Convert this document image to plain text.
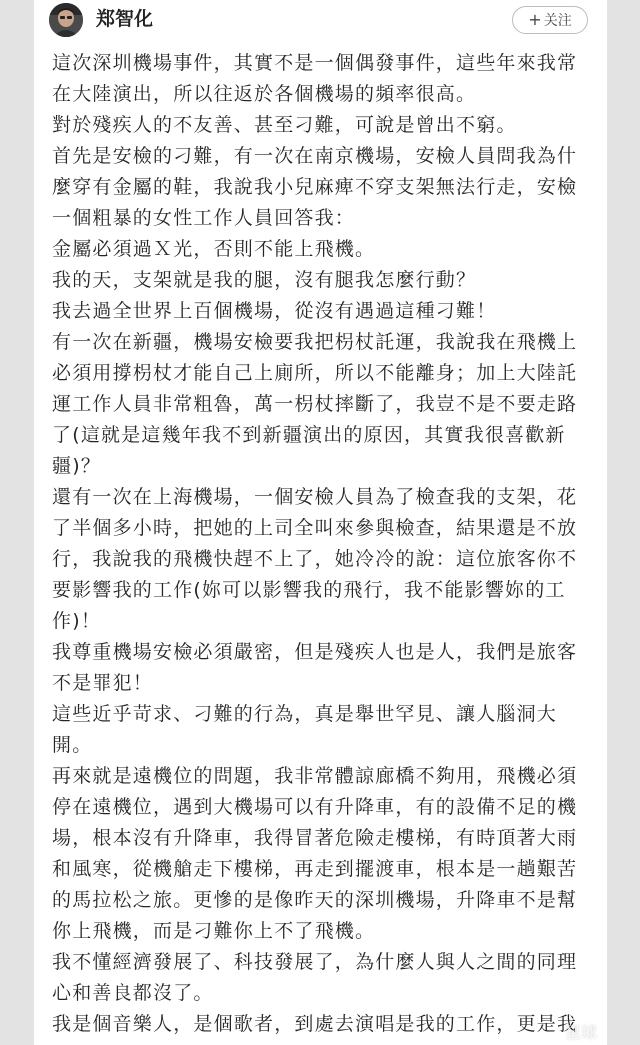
郑智化	+ 关注

這次深圳機場事件，其實不是一個偶發事件，這些年來我常在大陸演出，所以往返於各個機場的頻率很高。

對於殘疾人的不友善、甚至刁難，可說是曾出不窮。

首先是安檢的刁難，有一次在南京機場，安檢人員問我為什麼穿有金屬的鞋，我說我小兒麻痺不穿支架無法行走，安檢一個粗暴的女性工作人員回答我：

金屬必須過Ｘ光，否則不能上飛機。

我的天，支架就是我的腿，沒有腿我怎麼行動？

我去過全世界上百個機場，從沒有遇過這種刁難！

有一次在新疆，機場安檢要我把枴杖託運，我說我在飛機上必須用撐枴杖才能自己上廁所，所以不能離身；加上大陸託運工作人員非常粗魯，萬一枴杖摔斷了，我豈不是不要走路了(這就是這幾年我不到新疆演出的原因，其實我很喜歡新疆)？

還有一次在上海機場，一個安檢人員為了檢查我的支架，花了半個多小時，把她的上司全叫來參與檢查，結果還是不放行，我說我的飛機快趕不上了，她冷冷的說：這位旅客你不要影響我的工作(妳可以影響我的飛行，我不能影響妳的工作)！

我尊重機場安檢必須嚴密，但是殘疾人也是人，我們是旅客不是罪犯！

這些近乎苛求、刁難的行為，真是舉世罕見、讓人腦洞大開。

再來就是遠機位的問題，我非常體諒廊橋不夠用，飛機必須停在遠機位，遇到大機場可以有升降車，有的設備不足的機場，根本沒有升降車，我得冒著危險走樓梯，有時頂著大雨和風寒，從機艙走下樓梯，再走到擺渡車，根本是一趟艱苦的馬拉松之旅。更慘的是像昨天的深圳機場，升降車不是幫你上飛機，而是刁難你上不了飛機。

我不懂經濟發展了、科技發展了，為什麼人與人之間的同理心和善良都沒了。

我是個音樂人，是個歌者，到處去演唱是我的工作，更是我

星球
